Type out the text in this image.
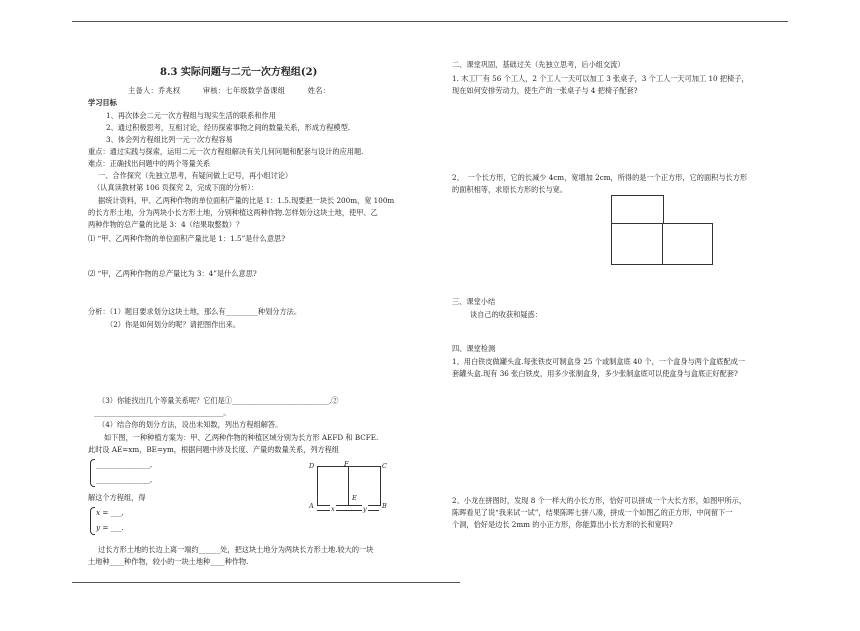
8.3 实际问题与二元一次方程组(2)
主备人：乔兆权　　　审核：七年级数学备课组　　　姓名：
学习目标
1、再次体会二元一次方程组与现实生活的联系和作用
2、通过积极思考，互相讨论，经历探索事物之间的数量关系，形成方程模型.
3、体会列方程组比列一元一次方程容易
重点：通过实践与探索，运用二元一次方程组解决有关几何问题和配套与设计的应用题.
难点：正确找出问题中的两个等量关系
一、合作探究（先独立思考，有疑问做上记号，再小组讨论）
（认真读教材第 106 页探究 2，完成下面的分析）：
据统计资料，甲、乙两种作物的单位面积产量的比是 1：1.5.现要把一块长 200m，宽 100m
的长方形土地，分为两块小长方形土地，分别种植这两种作物.怎样划分这块土地，使甲、乙
两种作物的总产量的比是 3：4（结果取整数）？
⑴ “甲、乙两种作物的单位面积产量比是 1：1.5”是什么意思?
⑵ “甲，乙两种作物的总产量比为 3：4”是什么意思?
分析：（1）题目要求划分这块土地，那么有_________种划分方法。
（2）你是如何划分的呢？请把图作出来。
（3）你能找出几个等量关系呢？它们是①___________________________,②
____________________________________。
（4）结合你的划分方法，设出未知数，列出方程组解答。
如下图，一种种植方案为：甲、乙两种作物的种植区域分别为长方形 AEFD 和 BCFE.
此时设 AE=xm，BE=ym，根据问题中涉及长度、产量的数量关系，列方程组
_______________,
_______________,
解这个方程组，得
x = ___,
y = ___.
过长方形土地的长边上离一端约______处，把这块土地分为两块长方形土地.较大的一块
土地种____种作物，较小的一块土地种____种作物.
D	F	C
A
E
B
x	y
二、课堂巩固，基础过关（先独立思考，后小组交流）
1. 木工厂有 56 个工人，2 个工人一天可以加工 3 张桌子，3 个工人一天可加工 10 把椅子，
现在如何安排劳动力，使生产的一张桌子与 4 把椅子配套?
2、　一个长方形，它的长减少 4cm，宽增加 2cm，所得的是一个正方形，它的面积与长方形
的面积相等，求原长方形的长与宽。
三、课堂小结
谈自己的收获和疑惑：
四、课堂检测
1、用白铁皮做罐头盒.每张铁皮可制盒身 25 个或制盒底 40 个，一个盒身与两个盒底配成一
套罐头盒.现有 36 张白铁皮，用多少张制盒身，多少张制盒底可以使盒身与盒底正好配套?
2、小龙在拼图时，发现 8 个一样大的小长方形，恰好可以拼成一个大长方形，如图甲所示，
陈晖看见了说“我来试一试”，结果陈晖七拼八凑，拼成一个如图乙的正方形，中间留下一
个洞，恰好是边长 2mm 的小正方形，你能算出小长方形的长和宽吗?
